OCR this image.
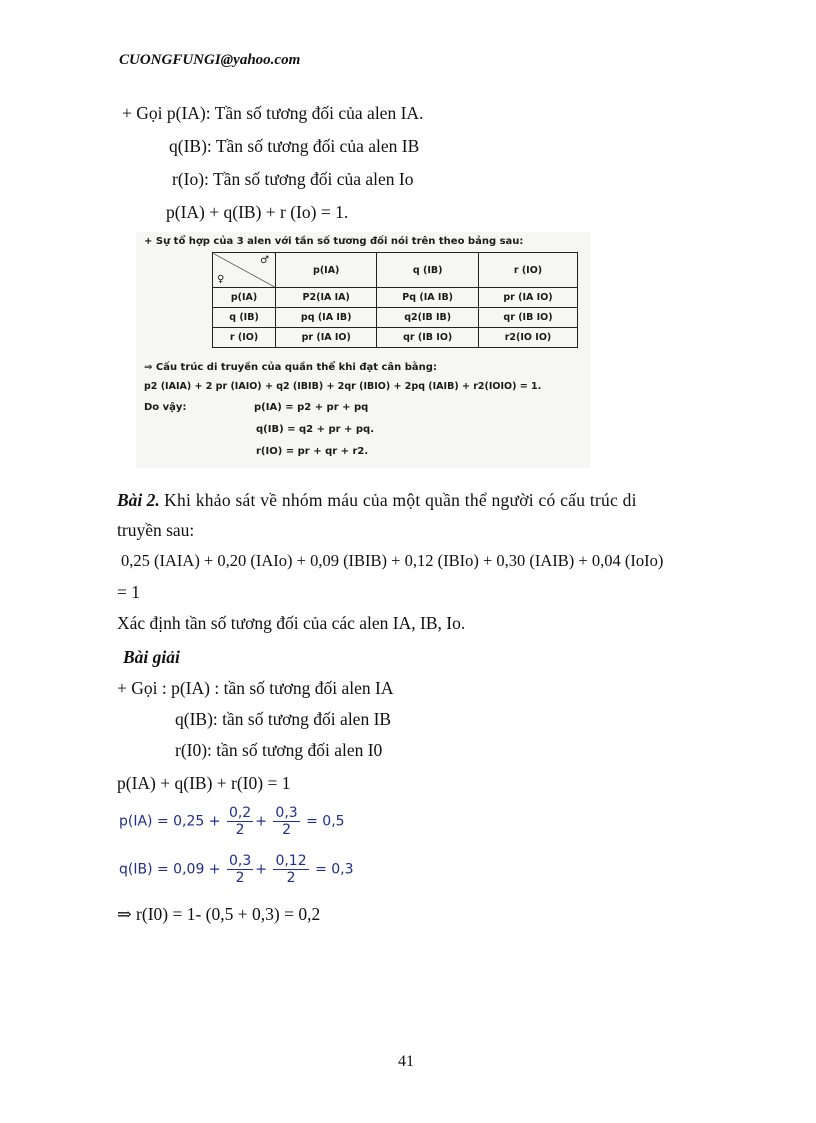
CUONGFUNGI@yahoo.com
+ Gọi p(IA): Tần số tương đối của alen IA.
q(IB): Tần số tương đối của alen IB
r(Io): Tần số tương đối của alen Io
p(IA) + q(IB) + r (Io) = 1.
+ Sự tổ hợp của 3 alen với tần số tương đối nói trên theo bảng sau:
♀
♂	p(IA)	q (IB)	r (IO)
p(IA)	P2(IA IA)	Pq (IA IB)	pr (IA IO)
q (IB)	pq (IA IB)	q2(IB IB)	qr (IB IO)
r (IO)	pr (IA IO)	qr (IB IO)	r2(IO IO)
⇒ Cấu trúc di truyền của quần thể khi đạt cân bằng:
p2 (IAIA) + 2 pr (IAIO) + q2 (IBIB) + 2qr (IBIO) + 2pq (IAIB) + r2(IOIO) = 1.
Do vậy:	p(IA) = p2 + pr + pq
q(IB) = q2 + pr + pq.
r(IO) = pr + qr + r2.
Bài 2. Khi khảo sát về nhóm máu của một quần thể người có cấu trúc di
truyền sau:
0,25 (IAIA) + 0,20 (IAIo) + 0,09 (IBIB) + 0,12 (IBIo) + 0,30 (IAIB) + 0,04 (IoIo)
= 1
Xác định tần số tương đối của các alen IA, IB, Io.
Bài giải
+ Gọi : p(IA) : tần số tương đối alen IA
q(IB): tần số tương đối alen IB
r(I0): tần số tương đối alen I0
p(IA) + q(IB) + r(I0) = 1
$p(IA) = 0,25 + \frac{0,2}{2} + \frac{0,3}{2} = 0,5$
$q(IB) = 0,09 + \frac{0,3}{2} + \frac{0,12}{2} = 0,3$
⇒ r(I0) = 1- (0,5 + 0,3) = 0,2
41
